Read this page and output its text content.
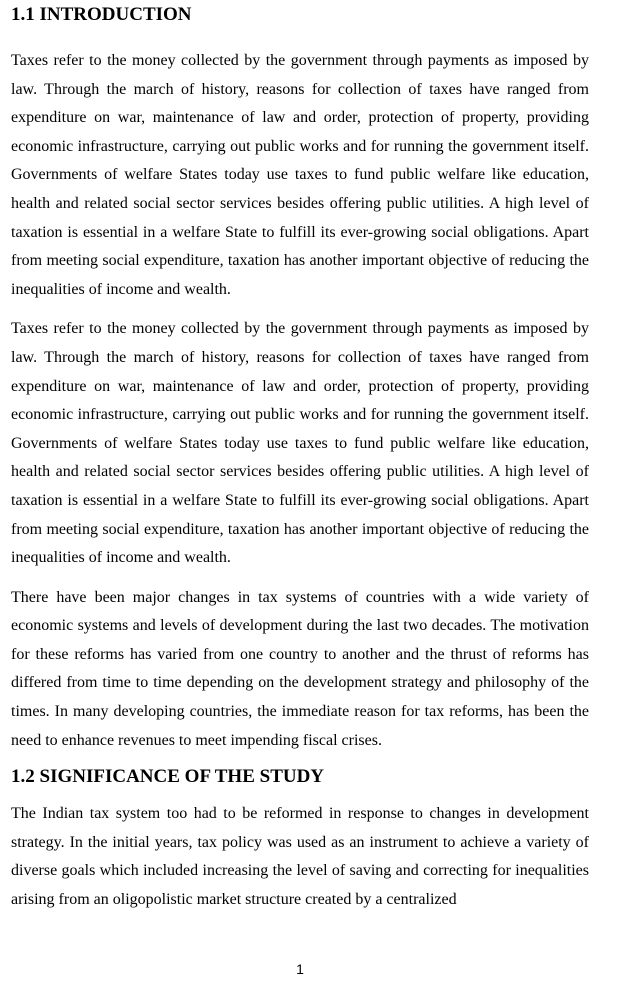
1.1 INTRODUCTION

Taxes refer to the money collected by the government through payments as imposed by law. Through the march of history, reasons for collection of taxes have ranged from expenditure on war, maintenance of law and order, protection of property, providing economic infrastructure, carrying out public works and for running the government itself. Governments of welfare States today use taxes to fund public welfare like education, health and related social sector services besides offering public utilities. A high level of taxation is essential in a welfare State to fulfill its ever-growing social obligations. Apart from meeting social expenditure, taxation has another important objective of reducing the inequalities of income and wealth.

Taxes refer to the money collected by the government through payments as imposed by law. Through the march of history, reasons for collection of taxes have ranged from expenditure on war, maintenance of law and order, protection of property, providing economic infrastructure, carrying out public works and for running the government itself. Governments of welfare States today use taxes to fund public welfare like education, health and related social sector services besides offering public utilities. A high level of taxation is essential in a welfare State to fulfill its ever-growing social obligations. Apart from meeting social expenditure, taxation has another important objective of reducing the inequalities of income and wealth.

There have been major changes in tax systems of countries with a wide variety of economic systems and levels of development during the last two decades. The motivation for these reforms has varied from one country to another and the thrust of reforms has differed from time to time depending on the development strategy and philosophy of the times. In many developing countries, the immediate reason for tax reforms, has been the need to enhance revenues to meet impending fiscal crises.

1.2 SIGNIFICANCE OF THE STUDY

The Indian tax system too had to be reformed in response to changes in development strategy. In the initial years, tax policy was used as an instrument to achieve a variety of diverse goals which included increasing the level of saving and correcting for inequalities arising from an oligopolistic market structure created by a centralized

1
